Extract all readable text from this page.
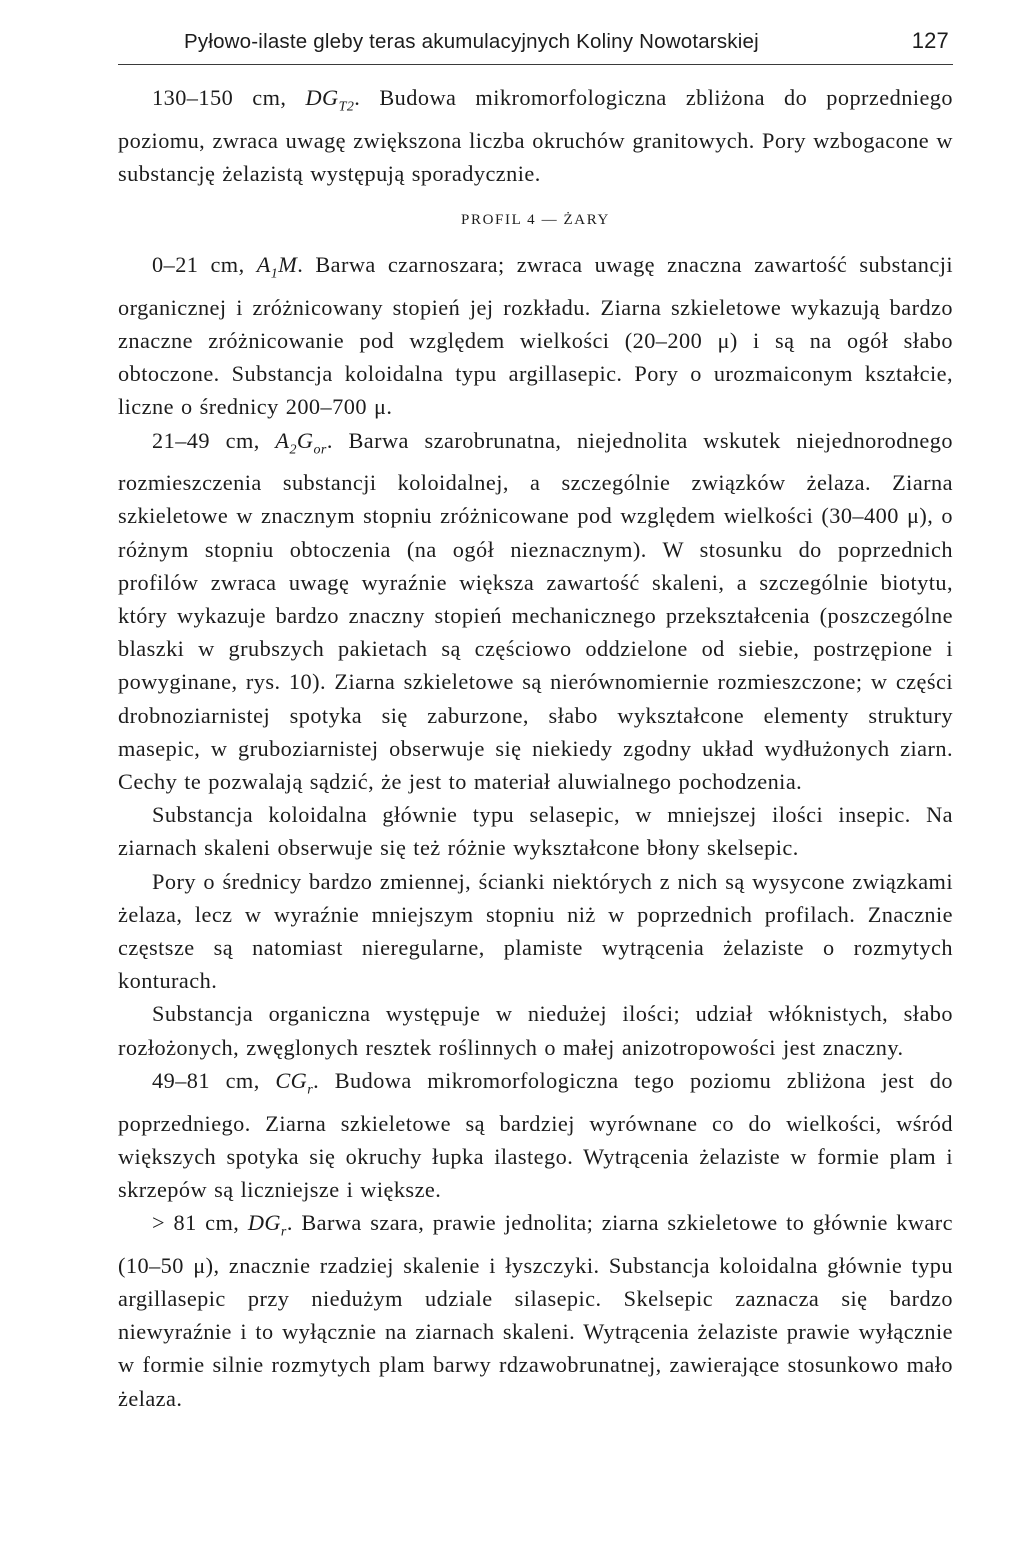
Pyłowo-ilaste gleby teras akumulacyjnych Koliny Nowotarskiej	127

130–150 cm, $DG_{T2}$. Budowa mikromorfologiczna zbliżona do poprzedniego poziomu, zwraca uwagę zwiększona liczba okruchów granitowych. Pory wzbogacone w substancję żelazistą występują sporadycznie.

PROFIL 4 — ŻARY

0–21 cm, $A_1M$. Barwa czarnoszara; zwraca uwagę znaczna zawartość substancji organicznej i zróżnicowany stopień jej rozkładu. Ziarna szkieletowe wykazują bardzo znaczne zróżnicowanie pod względem wielkości (20–200 μ) i są na ogół słabo obtoczone. Substancja koloidalna typu argillasepic. Pory o urozmaiconym kształcie, liczne o średnicy 200–700 μ.

21–49 cm, $A_2G_{or}$. Barwa szarobrunatna, niejednolita wskutek niejednorodnego rozmieszczenia substancji koloidalnej, a szczególnie związków żelaza. Ziarna szkieletowe w znacznym stopniu zróżnicowane pod względem wielkości (30–400 μ), o różnym stopniu obtoczenia (na ogół nieznacznym). W stosunku do poprzednich profilów zwraca uwagę wyraźnie większa zawartość skaleni, a szczególnie biotytu, który wykazuje bardzo znaczny stopień mechanicznego przekształcenia (poszczególne blaszki w grubszych pakietach są częściowo oddzielone od siebie, postrzępione i powyginane, rys. 10). Ziarna szkieletowe są nierównomiernie rozmieszczone; w części drobnoziarnistej spotyka się zaburzone, słabo wykształcone elementy struktury masepic, w gruboziarnistej obserwuje się niekiedy zgodny układ wydłużonych ziarn. Cechy te pozwalają sądzić, że jest to materiał aluwialnego pochodzenia.

Substancja koloidalna głównie typu selasepic, w mniejszej ilości insepic. Na ziarnach skaleni obserwuje się też różnie wykształcone błony skelsepic.

Pory o średnicy bardzo zmiennej, ścianki niektórych z nich są wysycone związkami żelaza, lecz w wyraźnie mniejszym stopniu niż w poprzednich profilach. Znacznie częstsze są natomiast nieregularne, plamiste wytrącenia żelaziste o rozmytych konturach.

Substancja organiczna występuje w niedużej ilości; udział włóknistych, słabo rozłożonych, zwęglonych resztek roślinnych o małej anizotropowości jest znaczny.

49–81 cm, $CG_r$. Budowa mikromorfologiczna tego poziomu zbliżona jest do poprzedniego. Ziarna szkieletowe są bardziej wyrównane co do wielkości, wśród większych spotyka się okruchy łupka ilastego. Wytrącenia żelaziste w formie plam i skrzepów są liczniejsze i większe.

> 81 cm, $DG_r$. Barwa szara, prawie jednolita; ziarna szkieletowe to głównie kwarc (10–50 μ), znacznie rzadziej skalenie i łyszczyki. Substancja koloidalna głównie typu argillasepic przy niedużym udziale silasepic. Skelsepic zaznacza się bardzo niewyraźnie i to wyłącznie na ziarnach skaleni. Wytrącenia żelaziste prawie wyłącznie w formie silnie rozmytych plam barwy rdzawobrunatnej, zawierające stosunkowo mało żelaza.
